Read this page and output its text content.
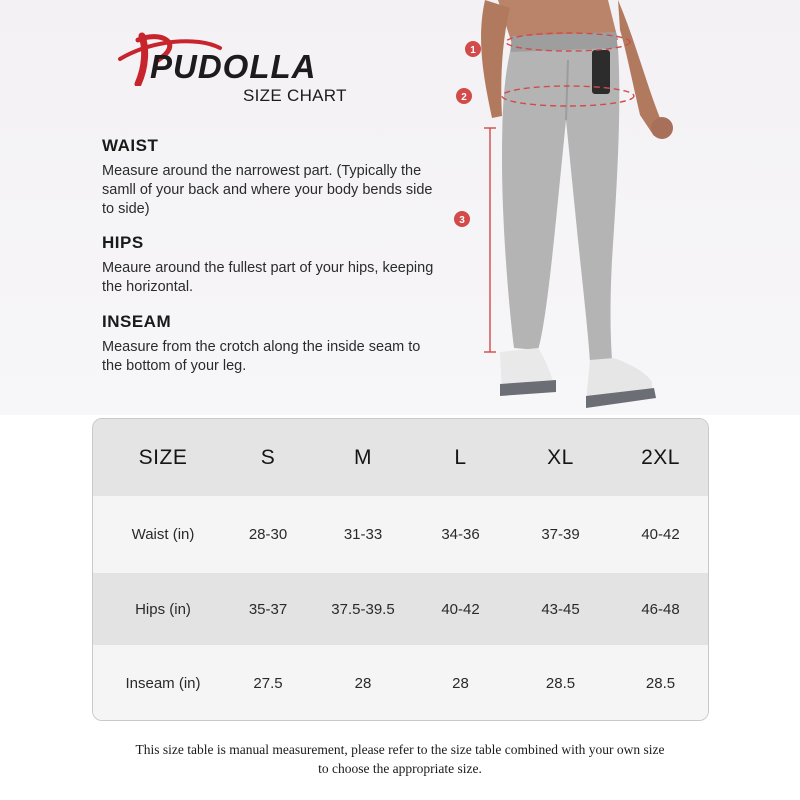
PUDOLLA
SIZE CHART
WAIST

Measure around the narrowest part. (Typically the samll of your back and where your body bends side to side)

HIPS

Meaure around the fullest part of your hips, keeping the horizontal.

INSEAM

Measure from the crotch along the inside seam to the bottom of your leg.

1
2
3
SIZE	S	M	L	XL	2XL
Waist (in)	28-30	31-33	34-36	37-39	40-42
Hips (in)	35-37	37.5-39.5	40-42	43-45	46-48
Inseam (in)	27.5	28	28	28.5	28.5
This size table is manual measurement, please refer to the size table combined with your own size to choose the appropriate size.
